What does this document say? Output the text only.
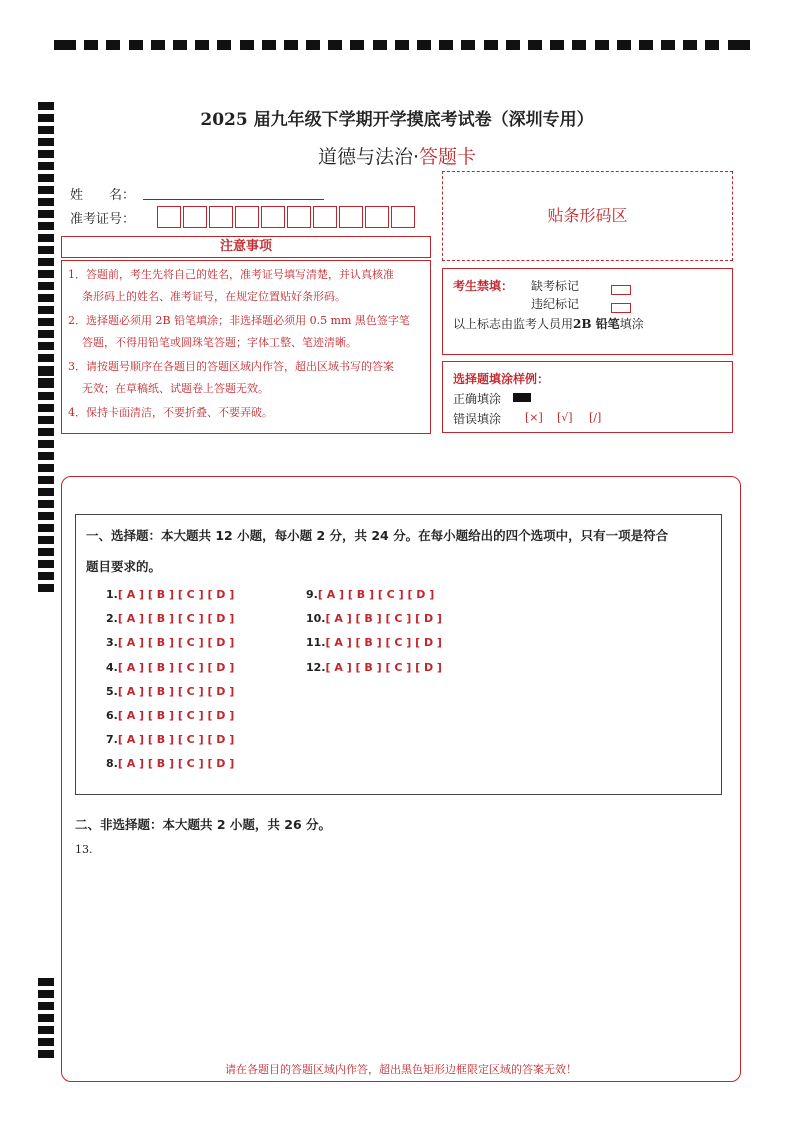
2025 届九年级下学期开学摸底考试卷（深圳专用）
道德与法治·答题卡
姓　　名：
准考证号：
注意事项
1．答题前，考生先将自己的姓名，准考证号填写清楚，并认真核准
条形码上的姓名、准考证号，在规定位置贴好条形码。
2．选择题必须用 2B 铅笔填涂；非选择题必须用 0.5 mm 黑色签字笔
答题，不得用铅笔或圆珠笔答题；字体工整、笔迹清晰。
3．请按题号顺序在各题目的答题区域内作答，超出区域书写的答案
无效；在草稿纸、试题卷上答题无效。
4．保持卡面清洁，不要折叠、不要弄破。
贴条形码区
考生禁填： 缺考标记
违纪标记
以上标志由监考人员用2B 铅笔填涂
选择题填涂样例：
正确填涂
错误填涂 [×] [√] [/]
一、选择题：本大题共 12 小题，每小题 2 分，共 24 分。在每小题给出的四个选项中，只有一项是符合
题目要求的。
二、非选择题：本大题共 2 小题，共 26 分。
13.
请在各题目的答题区域内作答，超出黑色矩形边框限定区域的答案无效！
1.[ A ] [ B ] [ C ] [ D ]
2.[ A ] [ B ] [ C ] [ D ]
3.[ A ] [ B ] [ C ] [ D ]
4.[ A ] [ B ] [ C ] [ D ]
5.[ A ] [ B ] [ C ] [ D ]
6.[ A ] [ B ] [ C ] [ D ]
7.[ A ] [ B ] [ C ] [ D ]
8.[ A ] [ B ] [ C ] [ D ]
9.[ A ] [ B ] [ C ] [ D ]
10.[ A ] [ B ] [ C ] [ D ]
11.[ A ] [ B ] [ C ] [ D ]
12.[ A ] [ B ] [ C ] [ D ]
